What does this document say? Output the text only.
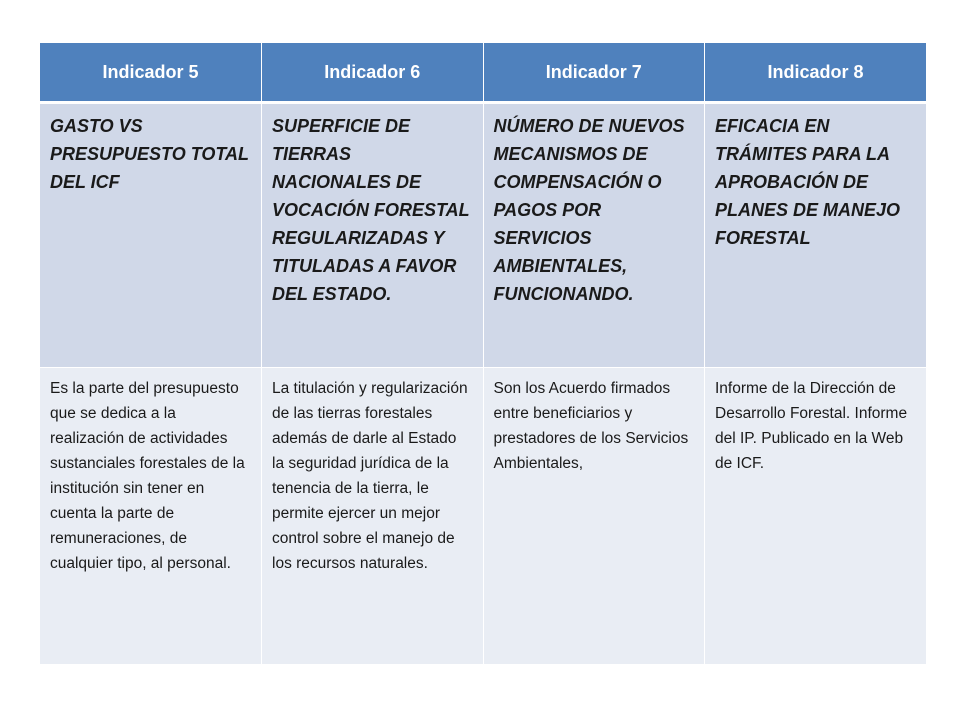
Indicador 5	Indicador 6	Indicador 7	Indicador 8
GASTO VS PRESUPUESTO TOTAL DEL ICF	SUPERFICIE DE TIERRAS NACIONALES DE VOCACIÓN FORESTAL REGULARIZADAS Y TITULADAS A FAVOR DEL ESTADO.	NÚMERO DE NUEVOS MECANISMOS DE COMPENSACIÓN O PAGOS POR SERVICIOS AMBIENTALES, FUNCIONANDO.	EFICACIA EN TRÁMITES PARA LA APROBACIÓN DE PLANES DE MANEJO FORESTAL
Es la parte del presupuesto que se dedica a la realización de actividades sustanciales forestales de la institución sin tener en cuenta la parte de remuneraciones, de cualquier tipo, al personal.	La titulación y regularización de las tierras forestales además de darle al Estado la seguridad jurídica de la tenencia de la tierra, le permite ejercer un mejor control sobre el manejo de los recursos naturales.	Son los Acuerdo firmados entre beneficiarios y prestadores de los Servicios Ambientales,	Informe de la Dirección de Desarrollo Forestal. Informe del IP. Publicado en la Web de ICF.
